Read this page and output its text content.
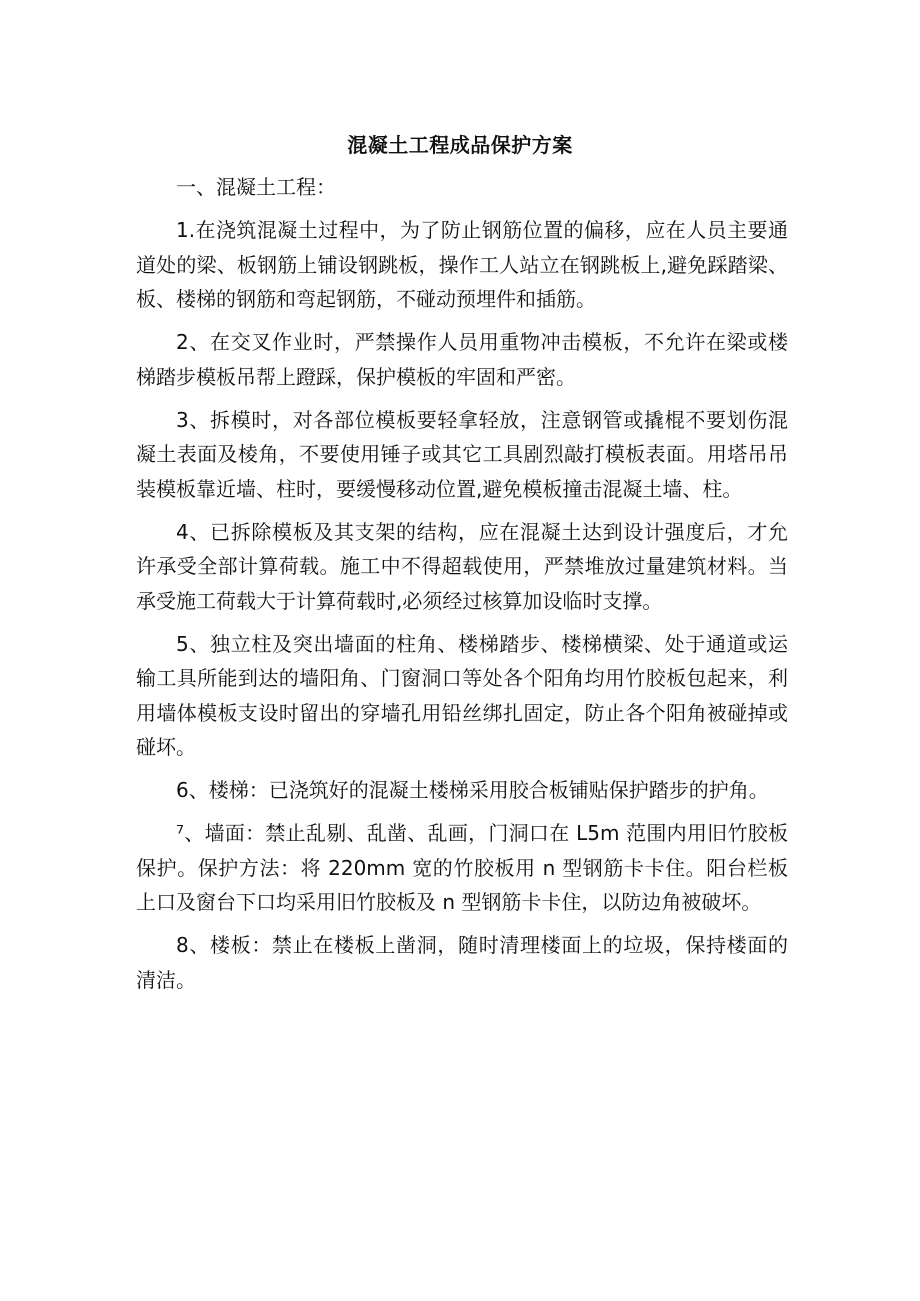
混凝土工程成品保护方案

一、混凝土工程：

1.在浇筑混凝土过程中，为了防止钢筋位置的偏移，应在人员主要通道处的梁、板钢筋上铺设钢跳板，操作工人站立在钢跳板上,避免踩踏梁、板、楼梯的钢筋和弯起钢筋，不碰动预埋件和插筋。

2、在交叉作业时，严禁操作人员用重物冲击模板，不允许在梁或楼梯踏步模板吊帮上蹬踩，保护模板的牢固和严密。

3、拆模时，对各部位模板要轻拿轻放，注意钢管或撬棍不要划伤混凝土表面及棱角，不要使用锤子或其它工具剧烈敲打模板表面。用塔吊吊装模板靠近墙、柱时，要缓慢移动位置,避免模板撞击混凝土墙、柱。

4、已拆除模板及其支架的结构，应在混凝土达到设计强度后，才允许承受全部计算荷载。施工中不得超载使用，严禁堆放过量建筑材料。当承受施工荷载大于计算荷载时,必须经过核算加设临时支撑。

5、独立柱及突出墙面的柱角、楼梯踏步、楼梯横梁、处于通道或运输工具所能到达的墙阳角、门窗洞口等处各个阳角均用竹胶板包起来，利用墙体模板支设时留出的穿墙孔用铅丝绑扎固定，防止各个阳角被碰掉或碰坏。

6、楼梯：已浇筑好的混凝土楼梯采用胶合板铺贴保护踏步的护角。

⁷、墙面：禁止乱剔、乱凿、乱画，门洞口在 L5m 范围内用旧竹胶板保护。保护方法：将 220mm 宽的竹胶板用 n 型钢筋卡卡住。阳台栏板上口及窗台下口均采用旧竹胶板及 n 型钢筋卡卡住，以防边角被破坏。

8、楼板：禁止在楼板上凿洞，随时清理楼面上的垃圾，保持楼面的清洁。
